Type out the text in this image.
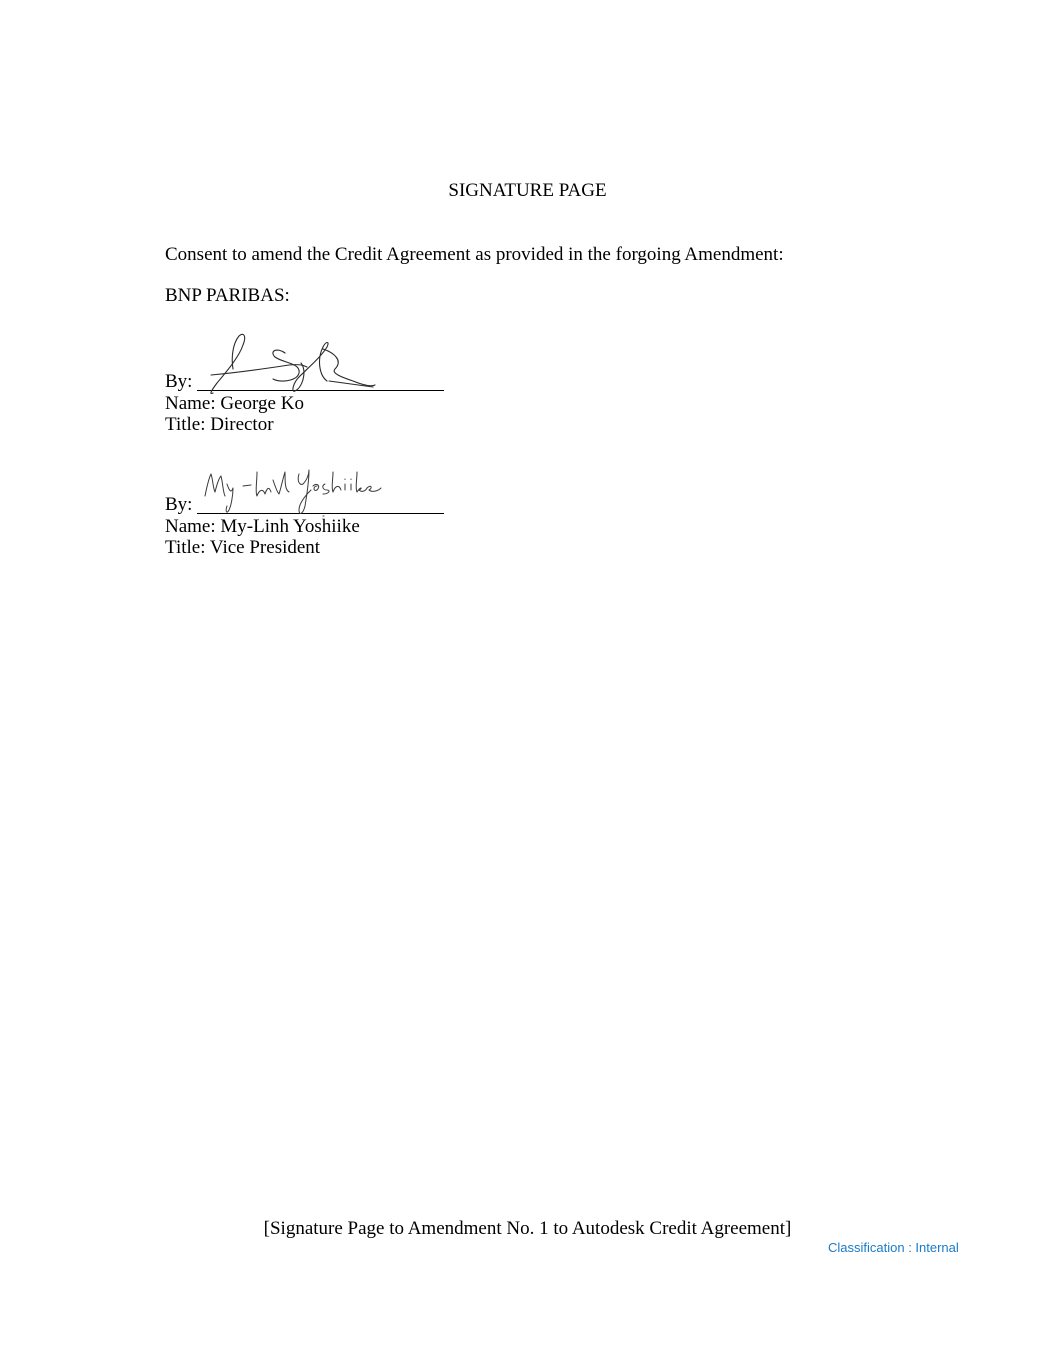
SIGNATURE PAGE
Consent to amend the Credit Agreement as provided in the forgoing Amendment:
BNP PARIBAS:
By:
Name: George Ko
Title: Director
By:
Name: My-Linh Yoshiike
Title: Vice President
[Signature Page to Amendment No. 1 to Autodesk Credit Agreement]
Classification : Internal
